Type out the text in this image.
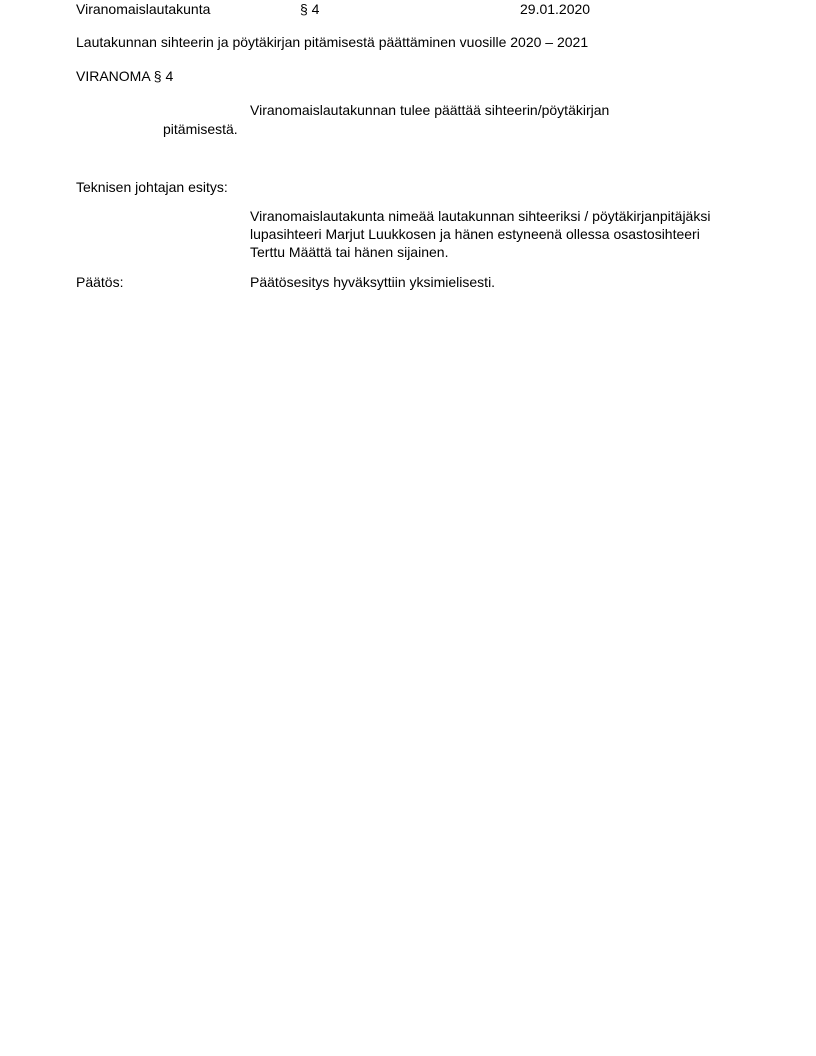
Viranomaislautakunta	§ 4	29.01.2020
Lautakunnan sihteerin ja pöytäkirjan pitämisestä päättäminen vuosille 2020 – 2021
VIRANOMA § 4
Viranomaislautakunnan tulee päättää sihteerin/pöytäkirjan
pitämisestä.
Teknisen johtajan esitys:
Viranomaislautakunta nimeää lautakunnan sihteeriksi / pöytäkirjanpitäjäksi
lupasihteeri Marjut Luukkosen ja hänen estyneenä ollessa osastosihteeri
Terttu Määttä tai hänen sijainen.
Päätös:	Päätösesitys hyväksyttiin yksimielisesti.
